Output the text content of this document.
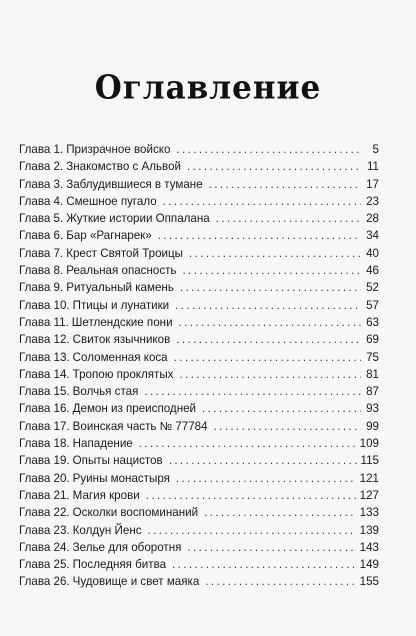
Оглавление
Глава 1. Призрачное войско .....	5
Глава 2. Знакомство с Альвой .....	11
Глава 3. Заблудившиеся в тумане .....	17
Глава 4. Смешное пугало .....	23
Глава 5. Жуткие истории Оппалана .....	28
Глава 6. Бар «Рагнарек» .....	34
Глава 7. Крест Святой Троицы .....	40
Глава 8. Реальная опасность .....	46
Глава 9. Ритуальный камень .....	52
Глава 10. Птицы и лунатики .....	57
Глава 11. Шетлендские пони .....	63
Глава 12. Свиток язычников .....	69
Глава 13. Соломенная коса .....	75
Глава 14. Тропою проклятых .....	81
Глава 15. Волчья стая .....	87
Глава 16. Демон из преисподней .....	93
Глава 17. Воинская часть № 77784 .....	99
Глава 18. Нападение .....	109
Глава 19. Опыты нацистов .....	115
Глава 20. Руины монастыря .....	121
Глава 21. Магия крови .....	127
Глава 22. Осколки воспоминаний .....	133
Глава 23. Колдун Йенс .....	139
Глава 24. Зелье для оборотня .....	143
Глава 25. Последняя битва .....	149
Глава 26. Чудовище и свет маяка .....	155
